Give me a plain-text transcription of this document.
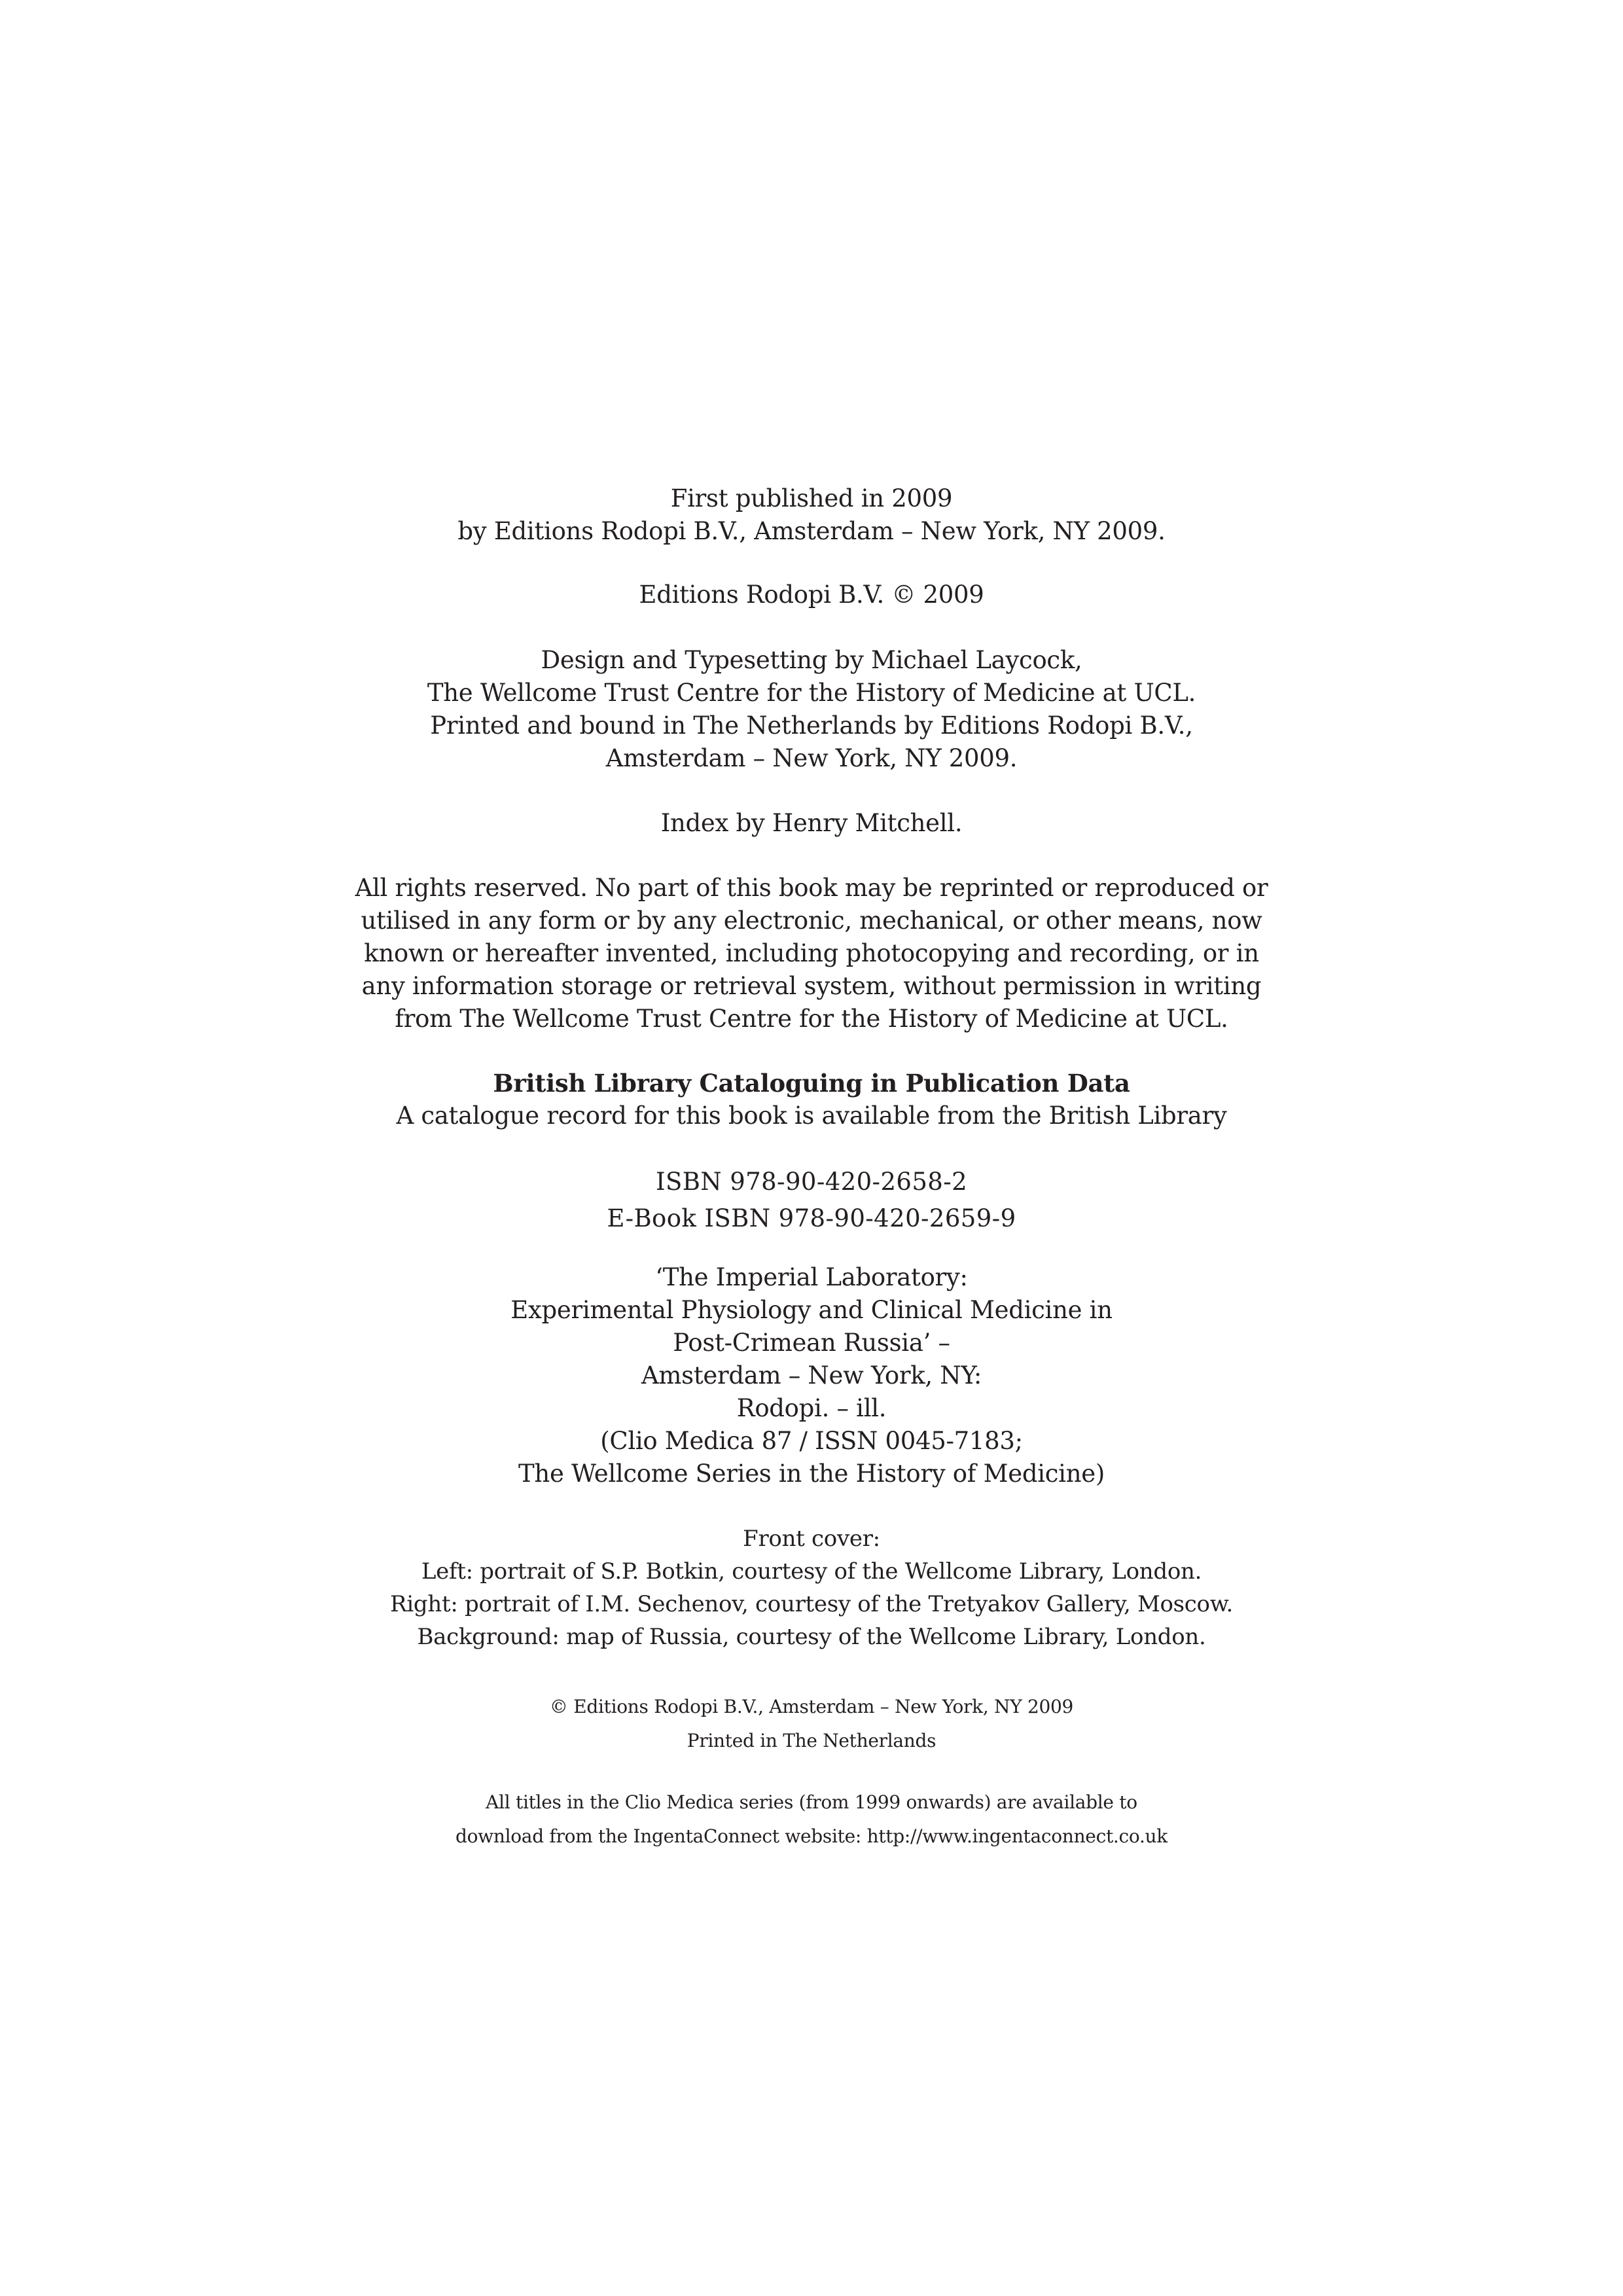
First published in 2009
by Editions Rodopi B.V., Amsterdam – New York, NY 2009.
Editions Rodopi B.V. © 2009
Design and Typesetting by Michael Laycock,
The Wellcome Trust Centre for the History of Medicine at UCL.
Printed and bound in The Netherlands by Editions Rodopi B.V.,
Amsterdam – New York, NY 2009.
Index by Henry Mitchell.
All rights reserved. No part of this book may be reprinted or reproduced or
utilised in any form or by any electronic, mechanical, or other means, now
known or hereafter invented, including photocopying and recording, or in
any information storage or retrieval system, without permission in writing
from The Wellcome Trust Centre for the History of Medicine at UCL.
British Library Cataloguing in Publication Data
A catalogue record for this book is available from the British Library
ISBN 978-90-420-2658-2
E-Book ISBN 978-90-420-2659-9
‘The Imperial Laboratory:
Experimental Physiology and Clinical Medicine in
Post-Crimean Russia’ –
Amsterdam – New York, NY:
Rodopi. – ill.
(Clio Medica 87 / ISSN 0045-7183;
The Wellcome Series in the History of Medicine)
Front cover:
Left: portrait of S.P. Botkin, courtesy of the Wellcome Library, London.
Right: portrait of I.M. Sechenov, courtesy of the Tretyakov Gallery, Moscow.
Background: map of Russia, courtesy of the Wellcome Library, London.
© Editions Rodopi B.V., Amsterdam – New York, NY 2009
Printed in The Netherlands
All titles in the Clio Medica series (from 1999 onwards) are available to
download from the IngentaConnect website: http://www.ingentaconnect.co.uk
